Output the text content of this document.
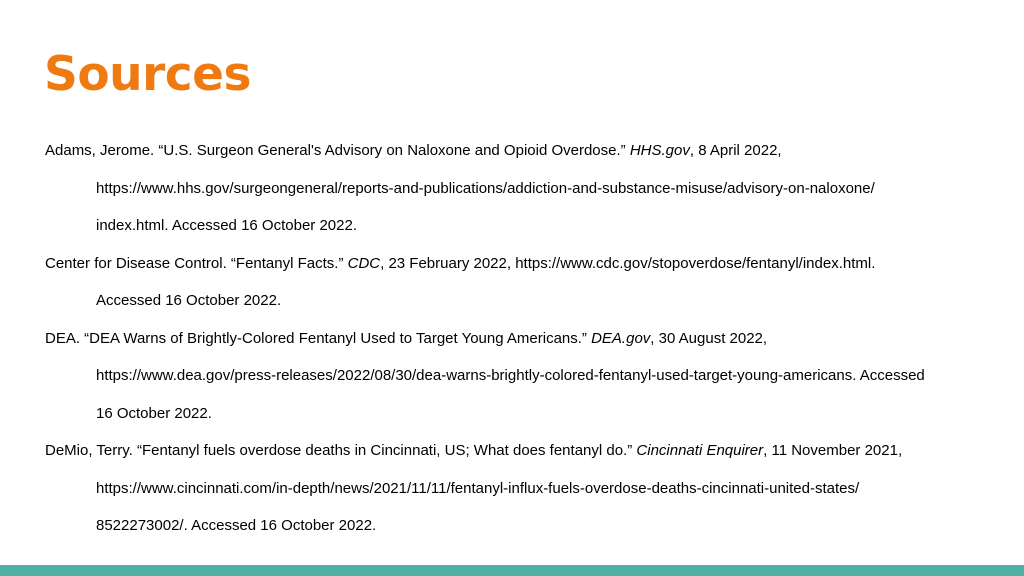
Sources
Adams, Jerome. “U.S. Surgeon General's Advisory on Naloxone and Opioid Overdose.” HHS.gov, 8 April 2022,
https://www.hhs.gov/surgeongeneral/reports-and-publications/addiction-and-substance-misuse/advisory-on-naloxone/
index.html. Accessed 16 October 2022.
Center for Disease Control. “Fentanyl Facts.” CDC, 23 February 2022, https://www.cdc.gov/stopoverdose/fentanyl/index.html.
Accessed 16 October 2022.
DEA. “DEA Warns of Brightly-Colored Fentanyl Used to Target Young Americans.” DEA.gov, 30 August 2022,
https://www.dea.gov/press-releases/2022/08/30/dea-warns-brightly-colored-fentanyl-used-target-young-americans. Accessed
16 October 2022.
DeMio, Terry. “Fentanyl fuels overdose deaths in Cincinnati, US; What does fentanyl do.” Cincinnati Enquirer, 11 November 2021,
https://www.cincinnati.com/in-depth/news/2021/11/11/fentanyl-influx-fuels-overdose-deaths-cincinnati-united-states/
8522273002/. Accessed 16 October 2022.
